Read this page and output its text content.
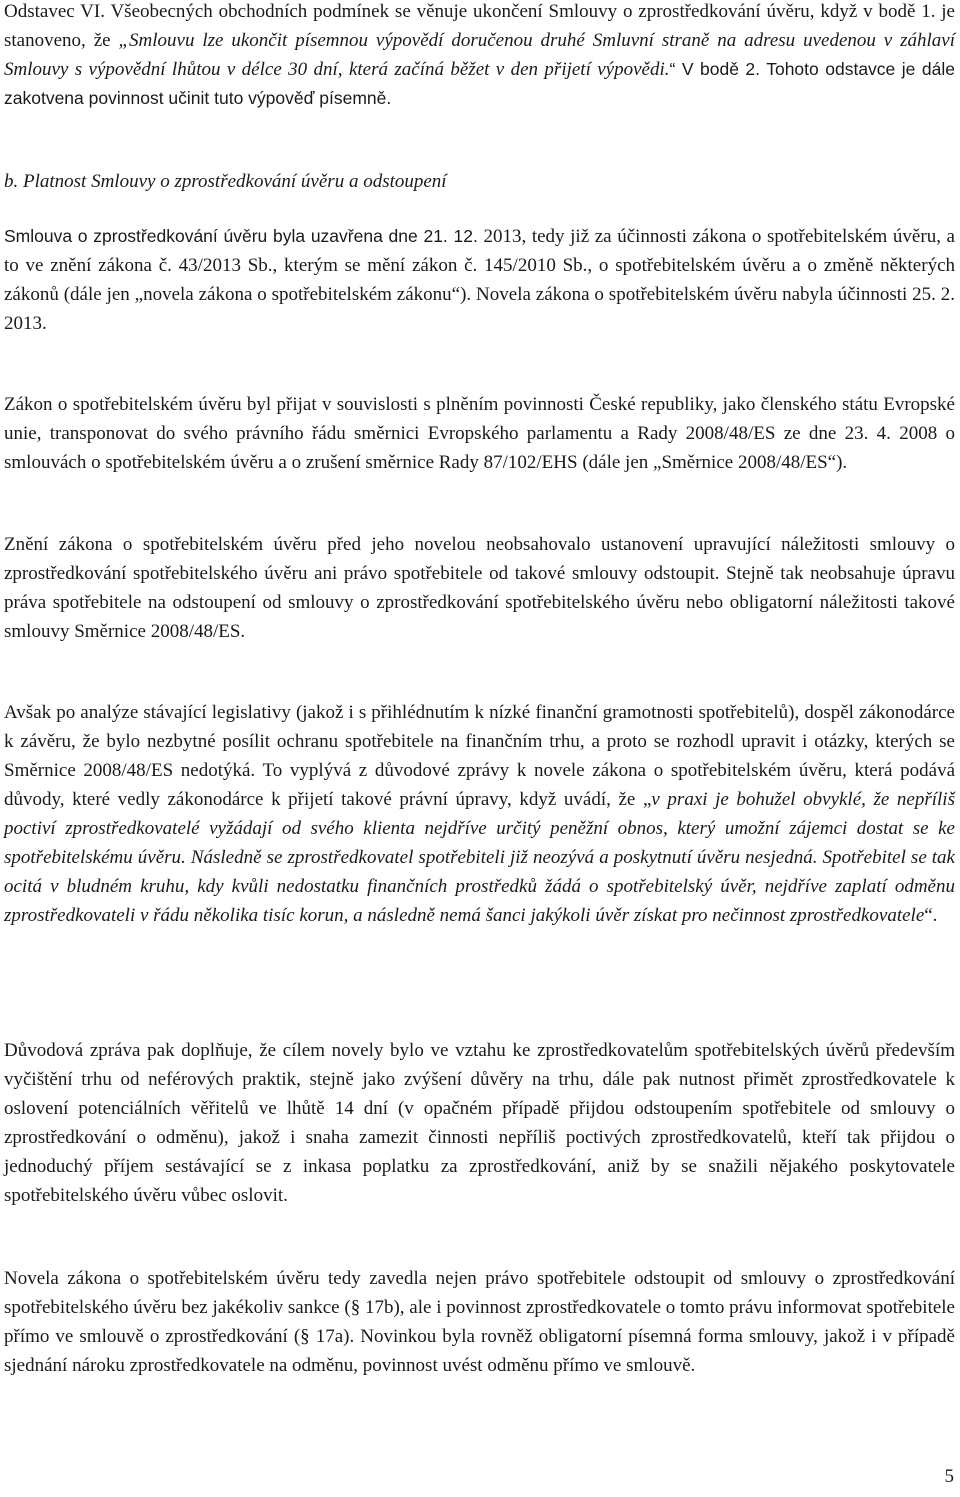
Odstavec VI. Všeobecných obchodních podmínek se věnuje ukončení Smlouvy o zprostředkování úvěru, když v bodě 1. je stanoveno, že „Smlouvu lze ukončit písemnou výpovědí doručenou druhé Smluvní straně na adresu uvedenou v záhlaví Smlouvy s výpovědní lhůtou v délce 30 dní, která začíná běžet v den přijetí výpovědi.“ V bodě 2. Tohoto odstavce je dále zakotvena povinnost učinit tuto výpověď písemně.

b. Platnost Smlouvy o zprostředkování úvěru a odstoupení

Smlouva o zprostředkování úvěru byla uzavřena dne 21. 12. 2013, tedy již za účinnosti zákona o spotřebitelském úvěru, a to ve znění zákona č. 43/2013 Sb., kterým se mění zákon č. 145/2010 Sb., o spotřebitelském úvěru a o změně některých zákonů (dále jen „novela zákona o spotřebitelském zákonu“). Novela zákona o spotřebitelském úvěru nabyla účinnosti 25. 2. 2013.

Zákon o spotřebitelském úvěru byl přijat v souvislosti s plněním povinnosti České republiky, jako členského státu Evropské unie, transponovat do svého právního řádu směrnici Evropského parlamentu a Rady 2008/48/ES ze dne 23. 4. 2008 o smlouvách o spotřebitelském úvěru a o zrušení směrnice Rady 87/102/EHS (dále jen „Směrnice 2008/48/ES“).

Znění zákona o spotřebitelském úvěru před jeho novelou neobsahovalo ustanovení upravující náležitosti smlouvy o zprostředkování spotřebitelského úvěru ani právo spotřebitele od takové smlouvy odstoupit. Stejně tak neobsahuje úpravu práva spotřebitele na odstoupení od smlouvy o zprostředkování spotřebitelského úvěru nebo obligatorní náležitosti takové smlouvy Směrnice 2008/48/ES.

Avšak po analýze stávající legislativy (jakož i s přihlédnutím k nízké finanční gramotnosti spotřebitelů), dospěl zákonodárce k závěru, že bylo nezbytné posílit ochranu spotřebitele na finančním trhu, a proto se rozhodl upravit i otázky, kterých se Směrnice 2008/48/ES nedotýká. To vyplývá z důvodové zprávy k novele zákona o spotřebitelském úvěru, která podává důvody, které vedly zákonodárce k přijetí takové právní úpravy, když uvádí, že „v praxi je bohužel obvyklé, že nepříliš poctiví zprostředkovatelé vyžádají od svého klienta nejdříve určitý peněžní obnos, který umožní zájemci dostat se ke spotřebitelskému úvěru. Následně se zprostředkovatel spotřebiteli již neozývá a poskytnutí úvěru nesjedná. Spotřebitel se tak ocitá v bludném kruhu, kdy kvůli nedostatku finančních prostředků žádá o spotřebitelský úvěr, nejdříve zaplatí odměnu zprostředkovateli v řádu několika tisíc korun, a následně nemá šanci jakýkoli úvěr získat pro nečinnost zprostředkovatele“.

Důvodová zpráva pak doplňuje, že cílem novely bylo ve vztahu ke zprostředkovatelům spotřebitelských úvěrů především vyčištění trhu od neférových praktik, stejně jako zvýšení důvěry na trhu, dále pak nutnost přimět zprostředkovatele k oslovení potenciálních věřitelů ve lhůtě 14 dní (v opačném případě přijdou odstoupením spotřebitele od smlouvy o zprostředkování o odměnu), jakož i snaha zamezit činnosti nepříliš poctivých zprostředkovatelů, kteří tak přijdou o jednoduchý příjem sestávající se z inkasa poplatku za zprostředkování, aniž by se snažili nějakého poskytovatele spotřebitelského úvěru vůbec oslovit.

Novela zákona o spotřebitelském úvěru tedy zavedla nejen právo spotřebitele odstoupit od smlouvy o zprostředkování spotřebitelského úvěru bez jakékoliv sankce (§ 17b), ale i povinnost zprostředkovatele o tomto právu informovat spotřebitele přímo ve smlouvě o zprostředkování (§ 17a). Novinkou byla rovněž obligatorní písemná forma smlouvy, jakož i v případě sjednání nároku zprostředkovatele na odměnu, povinnost uvést odměnu přímo ve smlouvě.

5
